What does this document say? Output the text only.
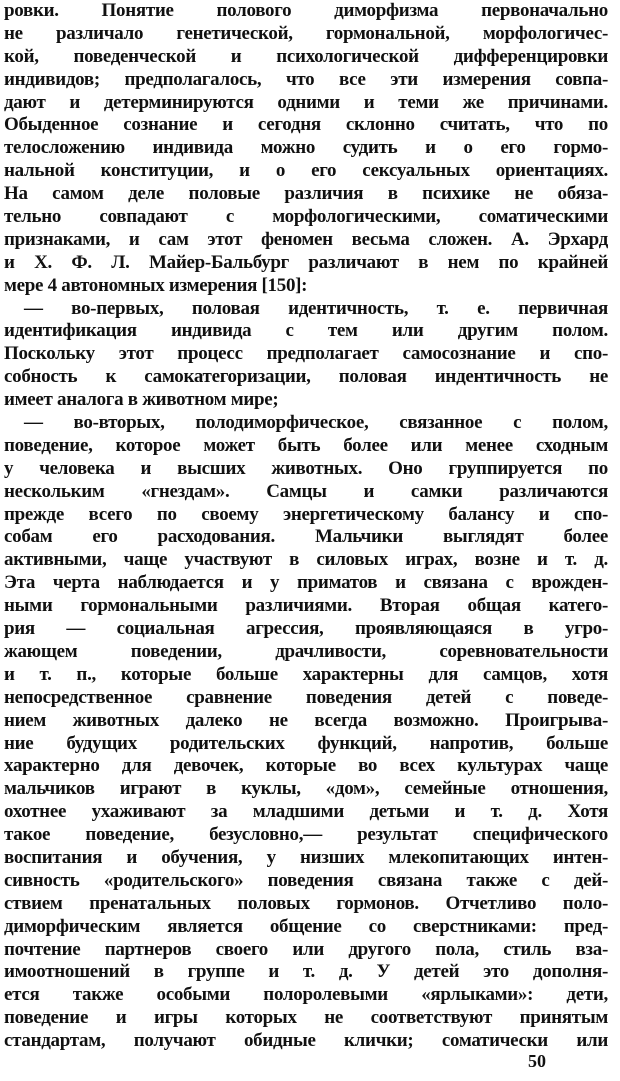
ровки. Понятие полового диморфизма первоначально
не различало генетической, гормональной, морфологичес-
кой, поведенческой и психологической дифференцировки
индивидов; предполагалось, что все эти измерения совпа-
дают и детерминируются одними и теми же причинами.
Обыденное сознание и сегодня склонно считать, что по
телосложению индивида можно судить и о его гормо-
нальной конституции, и о его сексуальных ориентациях.
На самом деле половые различия в психике не обяза-
тельно совпадают с морфологическими, соматическими
признаками, и сам этот феномен весьма сложен. А. Эрхард
и Х. Ф. Л. Майер-Бальбург различают в нем по крайней
мере 4 автономных измерения [150]:
— во-первых, половая идентичность, т. е. первичная
идентификация индивида с тем или другим полом.
Поскольку этот процесс предполагает самосознание и спо-
собность к самокатегоризации, половая индентичность не
имеет аналога в животном мире;
— во-вторых, полодиморфическое, связанное с полом,
поведение, которое может быть более или менее сходным
у человека и высших животных. Оно группируется по
нескольким «гнездам». Самцы и самки различаются
прежде всего по своему энергетическому балансу и спо-
собам его расходования. Мальчики выглядят более
активными, чаще участвуют в силовых играх, возне и т. д.
Эта черта наблюдается и у приматов и связана с врожден-
ными гормональными различиями. Вторая общая катего-
рия — социальная агрессия, проявляющаяся в угро-
жающем поведении, драчливости, соревновательности
и т. п., которые больше характерны для самцов, хотя
непосредственное сравнение поведения детей с поведе-
нием животных далеко не всегда возможно. Проигрыва-
ние будущих родительских функций, напротив, больше
характерно для девочек, которые во всех культурах чаще
мальчиков играют в куклы, «дом», семейные отношения,
охотнее ухаживают за младшими детьми и т. д. Хотя
такое поведение, безусловно,— результат специфического
воспитания и обучения, у низших млекопитающих интен-
сивность «родительского» поведения связана также с дей-
ствием пренатальных половых гормонов. Отчетливо поло-
диморфическим является общение со сверстниками: пред-
почтение партнеров своего или другого пола, стиль вза-
имоотношений в группе и т. д. У детей это дополня-
ется также особыми полоролевыми «ярлыками»: дети,
поведение и игры которых не соответствуют принятым
стандартам, получают обидные клички; соматически или
50
